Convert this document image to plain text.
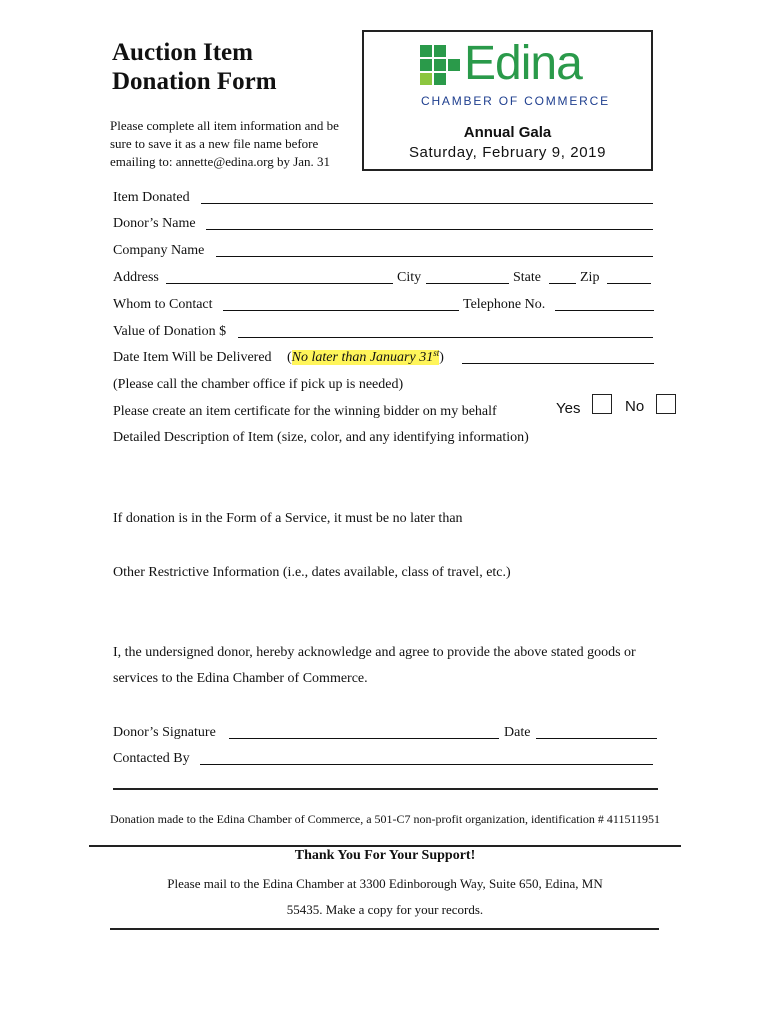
Auction Item
Donation Form
Please complete all item information and be sure to save it as a new file name before emailing to: annette@edina.org by Jan. 31
Edina
CHAMBER OF COMMERCE
Annual Gala
Saturday, February 9, 2019
Item Donated
Donor’s Name
Company Name
Address	City	State	Zip
Whom to Contact	Telephone No.
Value of Donation $
Date Item Will be Delivered (No later than January 31st)
(Please call the chamber office if pick up is needed)
Please create an item certificate for the winning bidder on my behalf	Yes	No
Detailed Description of Item (size, color, and any identifying information)
If donation is in the Form of a Service, it must be no later than
Other Restrictive Information (i.e., dates available, class of travel, etc.)
I, the undersigned donor, hereby acknowledge and agree to provide the above stated goods or services to the Edina Chamber of Commerce.
Donor’s Signature	Date
Contacted By
Donation made to the Edina Chamber of Commerce, a 501-C7 non-profit organization, identification # 411511951
Thank You For Your Support!
Please mail to the Edina Chamber at 3300 Edinborough Way, Suite 650, Edina, MN
55435. Make a copy for your records.
